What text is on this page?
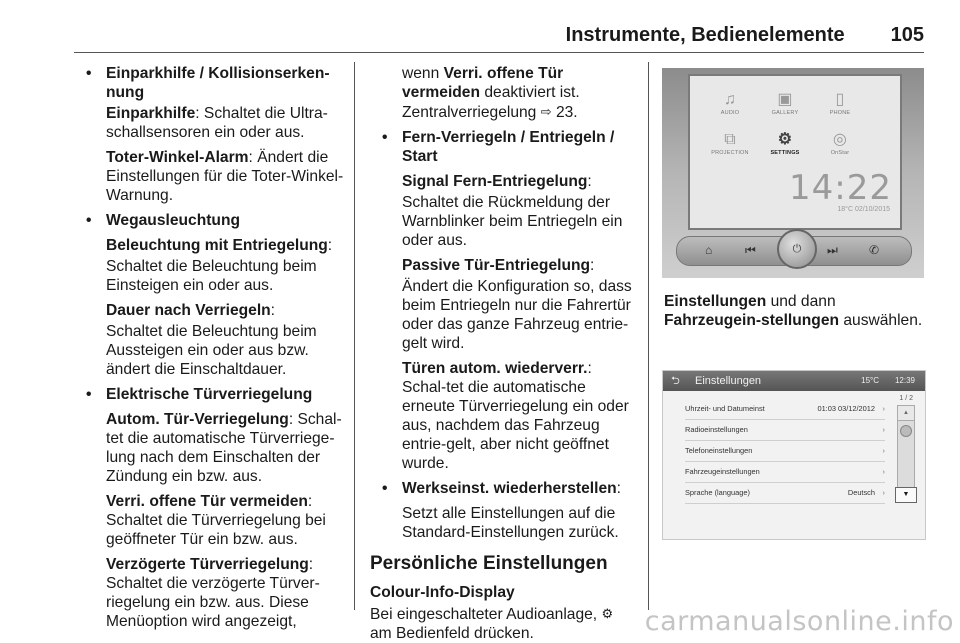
Instrumente, Bedienelemente 105
• Einparkhilfe / Kollisionserken-nung

Einparkhilfe: Schaltet die Ultra-schallsensoren ein oder aus.

Toter-Winkel-Alarm: Ändert die Einstellungen für die Toter-Winkel-Warnung.

• Wegausleuchtung

Beleuchtung mit Entriegelung:

Schaltet die Beleuchtung beim Einsteigen ein oder aus.

Dauer nach Verriegeln:

Schaltet die Beleuchtung beim Aussteigen ein oder aus bzw. ändert die Einschaltdauer.

• Elektrische Türverriegelung

Autom. Tür-Verriegelung: Schal-tet die automatische Türverriege-lung nach dem Einschalten der Zündung ein bzw. aus.

Verri. offene Tür vermeiden: Schaltet die Türverriegelung bei geöffneter Tür ein bzw. aus.

Verzögerte Türverriegelung: Schaltet die verzögerte Türver-riegelung ein bzw. aus. Diese Menüoption wird angezeigt,

wenn Verri. offene Tür vermeiden deaktiviert ist. Zentralverriegelung ⇨ 23.

• Fern-Verriegeln / Entriegeln / Start

Signal Fern-Entriegelung:

Schaltet die Rückmeldung der Warnblinker beim Entriegeln ein oder aus.

Passive Tür-Entriegelung:

Ändert die Konfiguration so, dass beim Entriegeln nur die Fahrertür oder das ganze Fahrzeug entrie-gelt wird.

Türen autom. wiederverr.: Schal-tet die automatische erneute Türverriegelung ein oder aus, nachdem das Fahrzeug entrie-gelt, aber nicht geöffnet wurde.

• Werkseinst. wiederherstellen:

Setzt alle Einstellungen auf die Standard-Einstellungen zurück.

Persönliche Einstellungen
Colour-Info-Display

Bei eingeschalteter Audioanlage, ⚙
am Bedienfeld drücken.

♫
AUDIO
▣
GALLERY
▯
PHONE
⧉
PROJECTION
⚙
SETTINGS
◎
OnStar
14:22
18°C 02/10/2015
⌂	⏮	⏻	⏭	✆
Einstellungen und dann Fahrzeugein-stellungen auswählen.
⮌ Einstellungen	15°C 12:39
1 / 2
Uhrzeit- und Datumeinst	01:03 03/12/2012 ›
Radioeinstellungen	›
Telefoneinstellungen	›
Fahrzeugeinstellungen	›
Sprache (language)	Deutsch ›
▲
▼
carmanualsonline.info
